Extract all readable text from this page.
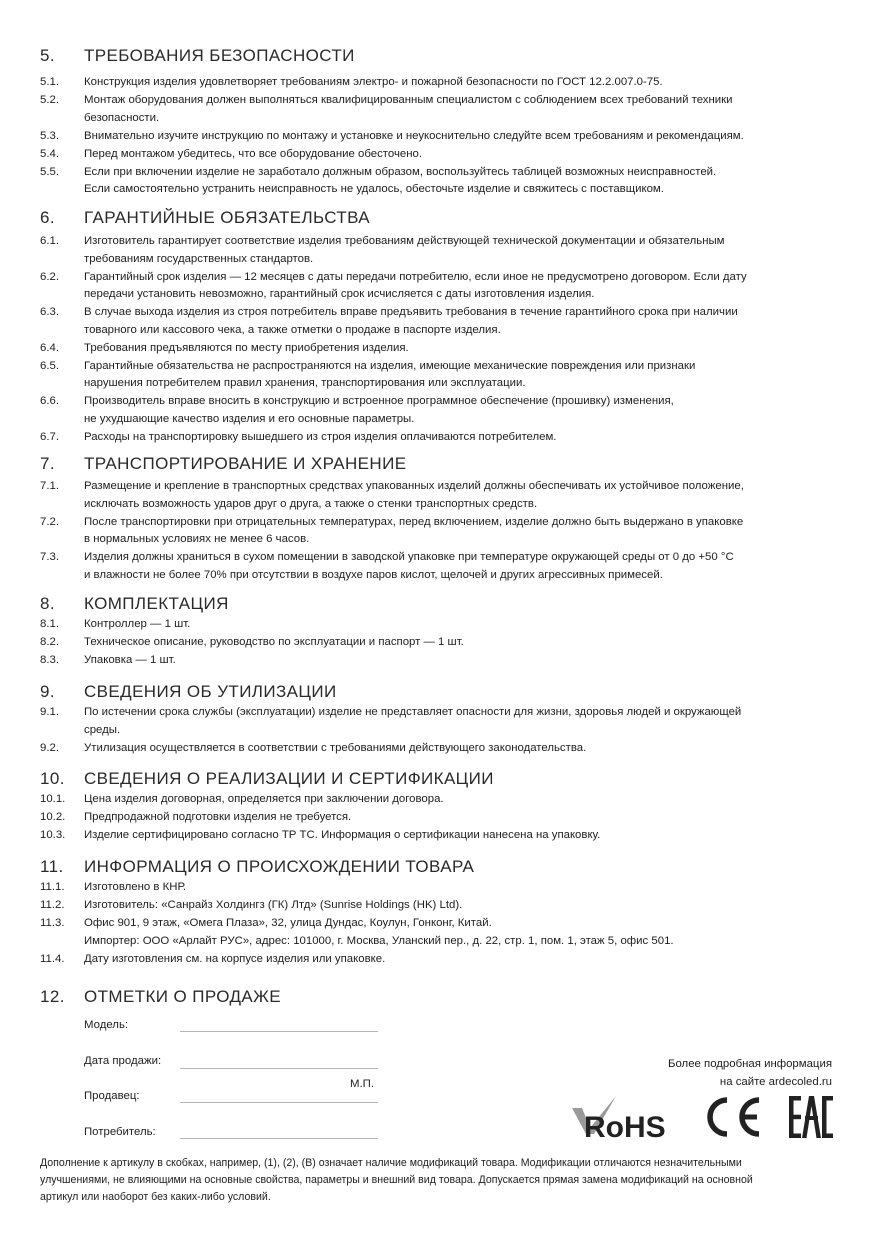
5. ТРЕБОВАНИЯ БЕЗОПАСНОСТИ
5.1. Конструкция изделия удовлетворяет требованиям электро- и пожарной безопасности по ГОСТ 12.2.007.0-75.
5.2. Монтаж оборудования должен выполняться квалифицированным специалистом с соблюдением всех требований техники
безопасности.
5.3. Внимательно изучите инструкцию по монтажу и установке и неукоснительно следуйте всем требованиям и рекомендациям.
5.4. Перед монтажом убедитесь, что все оборудование обесточено.
5.5. Если при включении изделие не заработало должным образом, воспользуйтесь таблицей возможных неисправностей.
Если самостоятельно устранить неисправность не удалось, обесточьте изделие и свяжитесь с поставщиком.
6. ГАРАНТИЙНЫЕ ОБЯЗАТЕЛЬСТВА
6.1. Изготовитель гарантирует соответствие изделия требованиям действующей технической документации и обязательным
требованиям государственных стандартов.
6.2. Гарантийный срок изделия — 12 месяцев с даты передачи потребителю, если иное не предусмотрено договором. Если дату
передачи установить невозможно, гарантийный срок исчисляется с даты изготовления изделия.
6.3. В случае выхода изделия из строя потребитель вправе предъявить требования в течение гарантийного срока при наличии
товарного или кассового чека, а также отметки о продаже в паспорте изделия.
6.4. Требования предъявляются по месту приобретения изделия.
6.5. Гарантийные обязательства не распространяются на изделия, имеющие механические повреждения или признаки
нарушения потребителем правил хранения, транспортирования или эксплуатации.
6.6. Производитель вправе вносить в конструкцию и встроенное программное обеспечение (прошивку) изменения,
не ухудшающие качество изделия и его основные параметры.
6.7. Расходы на транспортировку вышедшего из строя изделия оплачиваются потребителем.
7. ТРАНСПОРТИРОВАНИЕ И ХРАНЕНИЕ
7.1. Размещение и крепление в транспортных средствах упакованных изделий должны обеспечивать их устойчивое положение,
исключать возможность ударов друг о друга, а также о стенки транспортных средств.
7.2. После транспортировки при отрицательных температурах, перед включением, изделие должно быть выдержано в упаковке
в нормальных условиях не менее 6 часов.
7.3. Изделия должны храниться в сухом помещении в заводской упаковке при температуре окружающей среды от 0 до +50 °С
и влажности не более 70% при отсутствии в воздухе паров кислот, щелочей и других агрессивных примесей.
8. КОМПЛЕКТАЦИЯ
8.1. Контроллер — 1 шт.
8.2. Техническое описание, руководство по эксплуатации и паспорт — 1 шт.
8.3. Упаковка — 1 шт.
9. СВЕДЕНИЯ ОБ УТИЛИЗАЦИИ
9.1. По истечении срока службы (эксплуатации) изделие не представляет опасности для жизни, здоровья людей и окружающей
среды.
9.2. Утилизация осуществляется в соответствии с требованиями действующего законодательства.
10. СВЕДЕНИЯ О РЕАЛИЗАЦИИ И СЕРТИФИКАЦИИ
10.1. Цена изделия договорная, определяется при заключении договора.
10.2. Предпродажной подготовки изделия не требуется.
10.3. Изделие сертифицировано согласно ТР ТС. Информация о сертификации нанесена на упаковку.
11. ИНФОРМАЦИЯ О ПРОИСХОЖДЕНИИ ТОВАРА
11.1. Изготовлено в КНР.
11.2. Изготовитель: «Санрайз Холдингз (ГК) Лтд» (Sunrise Holdings (HK) Ltd).
11.3. Офис 901, 9 этаж, «Омега Плаза», 32, улица Дундас, Коулун, Гонконг, Китай.
Импортер: ООО «Арлайт РУС», адрес: 101000, г. Москва, Уланский пер., д. 22, стр. 1, пом. 1, этаж 5, офис 501.
11.4. Дату изготовления см. на корпусе изделия или упаковке.
12. ОТМЕТКИ О ПРОДАЖЕ
Модель:
Дата продажи:
М.П.
Продавец:
Потребитель:
Более подробная информация
на сайте ardecoled.ru
RoHS
Дополнение к артикулу в скобках, например, (1), (2), (B) означает наличие модификаций товара. Модификации отличаются незначительными
улучшениями, не влияющими на основные свойства, параметры и внешний вид товара. Допускается прямая замена модификаций на основной
артикул или наоборот без каких-либо условий.
